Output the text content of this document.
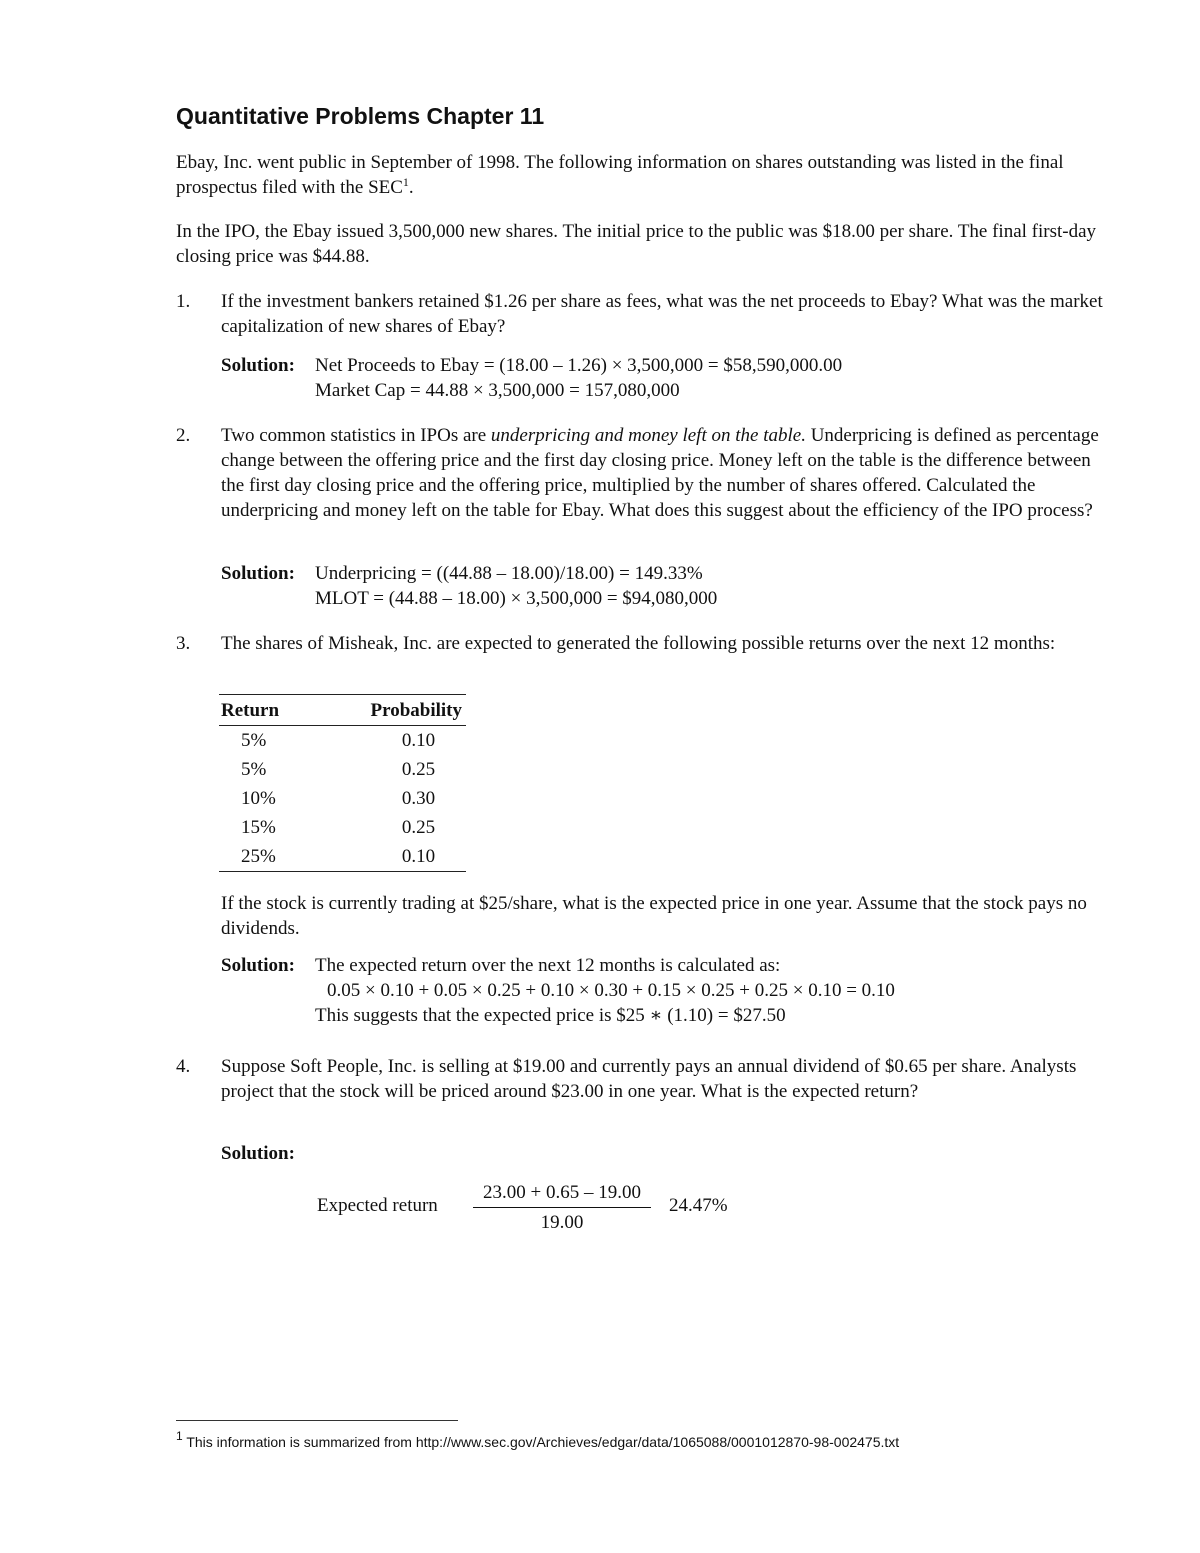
Quantitative Problems Chapter 11

Ebay, Inc. went public in September of 1998. The following information on shares outstanding was listed in the final prospectus filed with the SEC$^1$.

In the IPO, the Ebay issued 3,500,000 new shares. The initial price to the public was $18.00 per share. The final first-day closing price was $44.88.

1. If the investment bankers retained $1.26 per share as fees, what was the net proceeds to Ebay? What was the market capitalization of new shares of Ebay?
Solution: Net Proceeds to Ebay = (18.00 – 1.26) × 3,500,000 = $58,590,000.00
Market Cap = 44.88 × 3,500,000 = 157,080,000
2. Two common statistics in IPOs are underpricing and money left on the table. Underpricing is defined as percentage change between the offering price and the first day closing price. Money left on the table is the difference between the first day closing price and the offering price, multiplied by the number of shares offered. Calculated the underpricing and money left on the table for Ebay. What does this suggest about the efficiency of the IPO process?
Solution: Underpricing = ((44.88 – 18.00)/18.00) = 149.33%
MLOT = (44.88 – 18.00) × 3,500,000 = $94,080,000
3. The shares of Misheak, Inc. are expected to generated the following possible returns over the next 12 months:
Return	Probability
5%	0.10
5%	0.25
10%	0.30
15%	0.25
25%	0.10

If the stock is currently trading at $25/share, what is the expected price in one year. Assume that the stock pays no dividends.

Solution: The expected return over the next 12 months is calculated as:
0.05 × 0.10 + 0.05 × 0.25 + 0.10 × 0.30 + 0.15 × 0.25 + 0.25 × 0.10 = 0.10
This suggests that the expected price is $25 ∗ (1.10) = $27.50
4. Suppose Soft People, Inc. is selling at $19.00 and currently pays an annual dividend of $0.65 per share. Analysts project that the stock will be priced around $23.00 in one year. What is the expected return?
Solution:
Expected return $\frac{23.00 + 0.65 - 19.00}{19.00} 24.47\%$
1 This information is summarized from http://www.sec.gov/Archieves/edgar/data/1065088/0001012870-98-002475.txt
